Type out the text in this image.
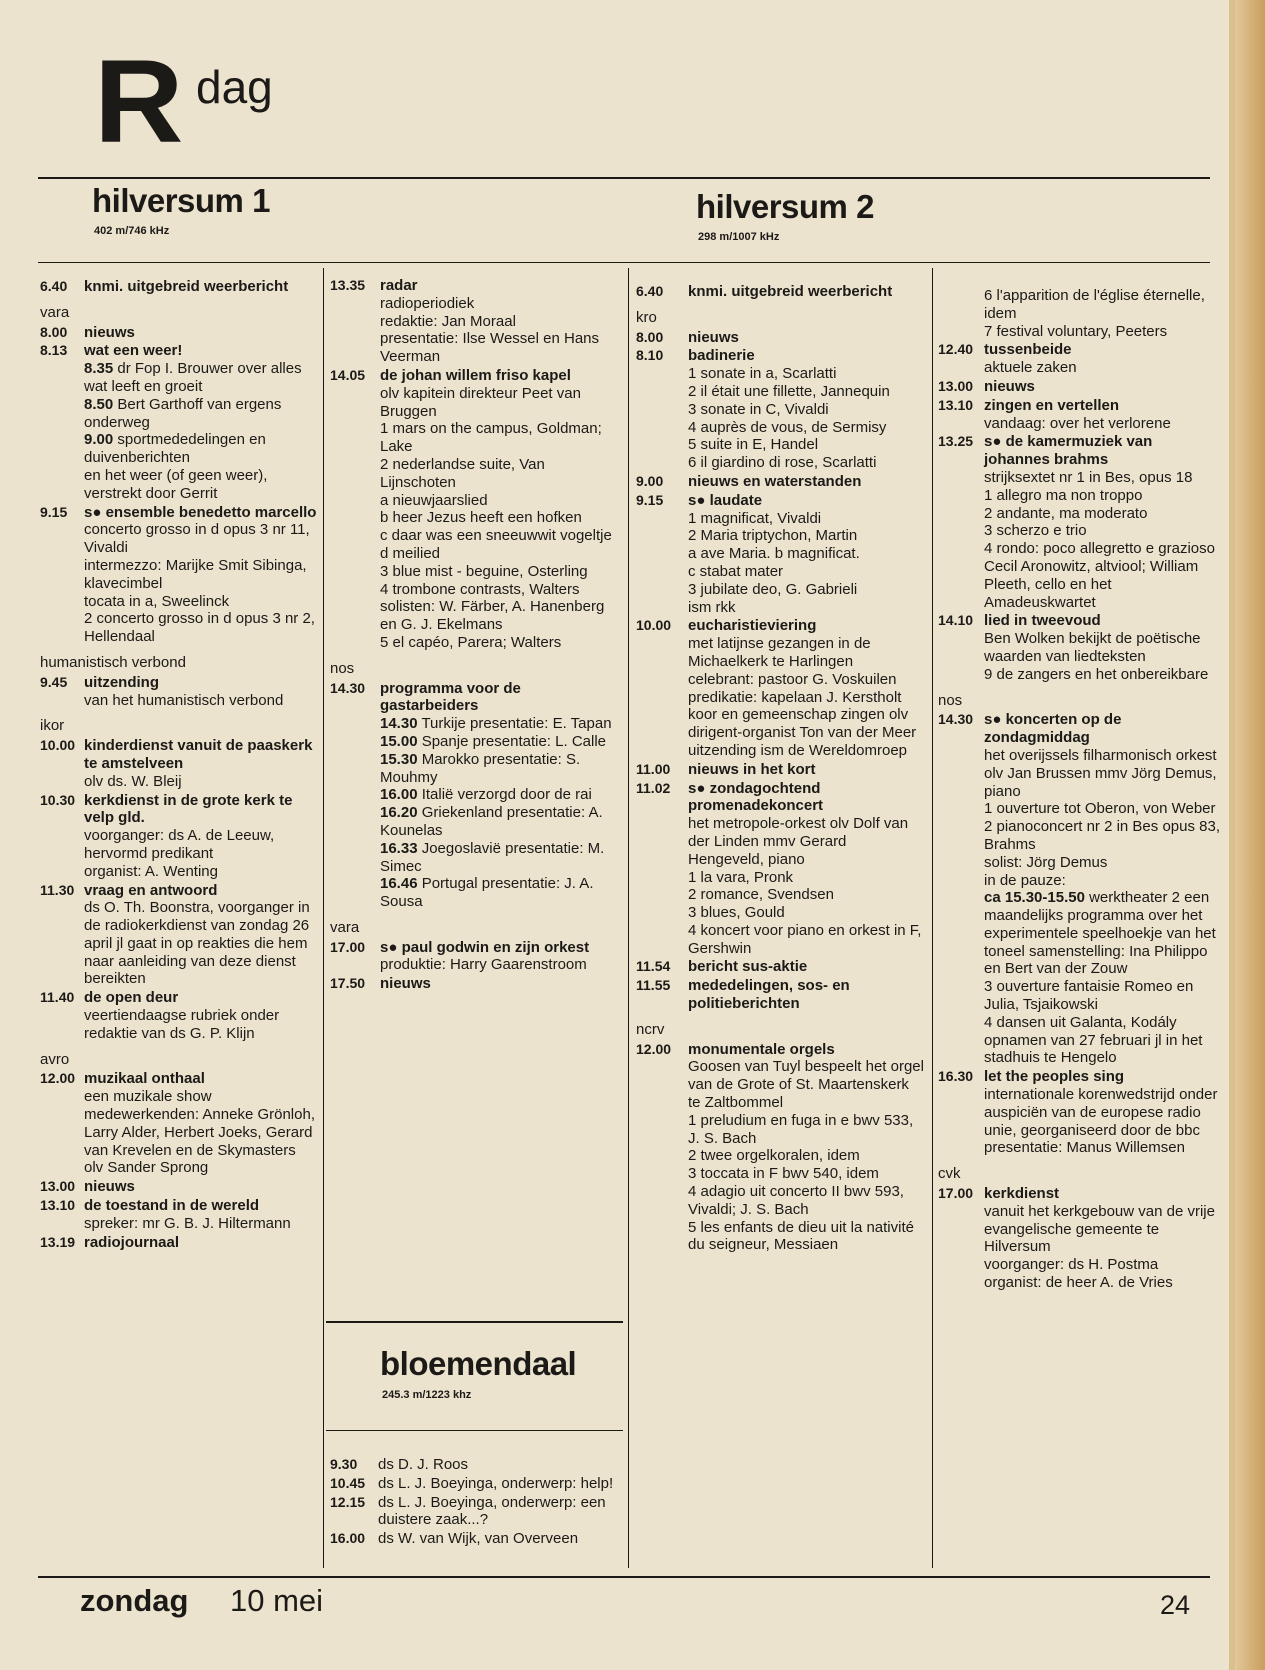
R dag
hilversum 1
402 m/746 kHz
hilversum 2
298 m/1007 kHz
6.40	knmi. uitgebreid weerbericht
vara
8.00	nieuws
8.13	wat een weer!
8.35 dr Fop I. Brouwer over alles wat leeft en groeit
8.50 Bert Garthoff van ergens onderweg
9.00 sportmededelingen en duivenberichten
en het weer (of geen weer), verstrekt door Gerrit
9.15	s● ensemble benedetto marcello
concerto grosso in d opus 3 nr 11, Vivaldi
intermezzo: Marijke Smit Sibinga, klavecimbel
tocata in a, Sweelinck
2 concerto grosso in d opus 3 nr 2, Hellendaal
humanistisch verbond
9.45	uitzending
van het humanistisch verbond
ikor
10.00 kinderdienst vanuit de paaskerk te amstelveen
olv ds. W. Bleij
10.30 kerkdienst in de grote kerk te velp gld.
voorganger: ds A. de Leeuw, hervormd predikant
organist: A. Wenting
11.30 vraag en antwoord
ds O. Th. Boonstra, voorganger in de radiokerkdienst van zondag 26 april jl gaat in op reakties die hem naar aanleiding van deze dienst bereikten
11.40 de open deur
veertiendaagse rubriek onder redaktie van ds G. P. Klijn
avro
12.00 muzikaal onthaal
een muzikale show
medewerkenden: Anneke Grönloh, Larry Alder, Herbert Joeks, Gerard van Krevelen en de Skymasters olv Sander Sprong
13.00 nieuws
13.10 de toestand in de wereld
spreker: mr G. B. J. Hiltermann
13.19 radiojournaal
13.35 radar
radioperiodiek
redaktie: Jan Moraal
presentatie: Ilse Wessel en Hans Veerman
14.05 de johan willem friso kapel
olv kapitein direkteur Peet van Bruggen
1 mars on the campus, Goldman; Lake
2 nederlandse suite, Van Lijnschoten
a nieuwjaarslied
b heer Jezus heeft een hofken
c daar was een sneeuwwit vogeltje
d meilied
3 blue mist - beguine, Osterling
4 trombone contrasts, Walters
solisten: W. Färber, A. Hanenberg en G. J. Ekelmans
5 el capéo, Parera; Walters
nos
14.30 programma voor de gastarbeiders
14.30 Turkije presentatie: E. Tapan
15.00 Spanje presentatie: L. Calle
15.30 Marokko presentatie: S. Mouhmy
16.00 Italië verzorgd door de rai
16.20 Griekenland presentatie: A. Kounelas
16.33 Joegoslavië presentatie: M. Simec
16.46 Portugal presentatie: J. A. Sousa
vara
17.00 s● paul godwin en zijn orkest
produktie: Harry Gaarenstroom
17.50 nieuws
6.40	knmi. uitgebreid weerbericht
kro
8.00	nieuws
8.10	badinerie
1 sonate in a, Scarlatti
2 il était une fillette, Jannequin
3 sonate in C, Vivaldi
4 auprès de vous, de Sermisy
5 suite in E, Handel
6 il giardino di rose, Scarlatti
9.00	nieuws en waterstanden
9.15	s● laudate
1 magnificat, Vivaldi
2 Maria triptychon, Martin
a ave Maria. b magnificat.
c stabat mater
3 jubilate deo, G. Gabrieli
ism rkk
10.00	eucharistieviering
met latijnse gezangen in de Michaelkerk te Harlingen
celebrant: pastoor G. Voskuilen
predikatie: kapelaan J. Kerstholt
koor en gemeenschap zingen olv dirigent-organist Ton van der Meer
uitzending ism de Wereldomroep
11.00	nieuws in het kort
11.02	s● zondagochtend promenadekoncert
het metropole-orkest olv Dolf van der Linden mmv Gerard Hengeveld, piano
1 la vara, Pronk
2 romance, Svendsen
3 blues, Gould
4 koncert voor piano en orkest in F, Gershwin
11.54	bericht sus-aktie
11.55	mededelingen, sos- en politieberichten
ncrv
12.00	monumentale orgels
Goosen van Tuyl bespeelt het orgel van de Grote of St. Maartenskerk te Zaltbommel
1 preludium en fuga in e bwv 533, J. S. Bach
2 twee orgelkoralen, idem
3 toccata in F bwv 540, idem
4 adagio uit concerto II bwv 593, Vivaldi; J. S. Bach
5 les enfants de dieu uit la nativité du seigneur, Messiaen
6 l'apparition de l'église éternelle, idem
7 festival voluntary, Peeters
12.40 tussenbeide
aktuele zaken
13.00 nieuws
13.10 zingen en vertellen
vandaag: over het verlorene
13.25 s● de kamermuziek van johannes brahms
strijksextet nr 1 in Bes, opus 18
1 allegro ma non troppo
2 andante, ma moderato
3 scherzo e trio
4 rondo: poco allegretto e grazioso
Cecil Aronowitz, altviool; William Pleeth, cello en het Amadeuskwartet
14.10 lied in tweevoud
Ben Wolken bekijkt de poëtische waarden van liedteksten
9 de zangers en het onbereikbare
nos
14.30 s● koncerten op de zondagmiddag
het overijssels filharmonisch orkest olv Jan Brussen mmv Jörg Demus, piano
1 ouverture tot Oberon, von Weber
2 pianoconcert nr 2 in Bes opus 83, Brahms
solist: Jörg Demus
in de pauze:
ca 15.30-15.50 werktheater 2 een maandelijks programma over het experimentele speelhoekje van het toneel samenstelling: Ina Philippo en Bert van der Zouw
3 ouverture fantaisie Romeo en Julia, Tsjaikowski
4 dansen uit Galanta, Kodály
opnamen van 27 februari jl in het stadhuis te Hengelo
16.30 let the peoples sing
internationale korenwedstrijd onder auspiciën van de europese radio unie, georganiseerd door de bbc
presentatie: Manus Willemsen
cvk
17.00 kerkdienst
vanuit het kerkgebouw van de vrije evangelische gemeente te Hilversum
voorganger: ds H. Postma
organist: de heer A. de Vries
bloemendaal
245.3 m/1223 khz
9.30	ds D. J. Roos
10.45 ds L. J. Boeyinga, onderwerp: help!
12.15 ds L. J. Boeyinga, onderwerp: een duistere zaak...?
16.00 ds W. van Wijk, van Overveen
zondag 10 mei	24
